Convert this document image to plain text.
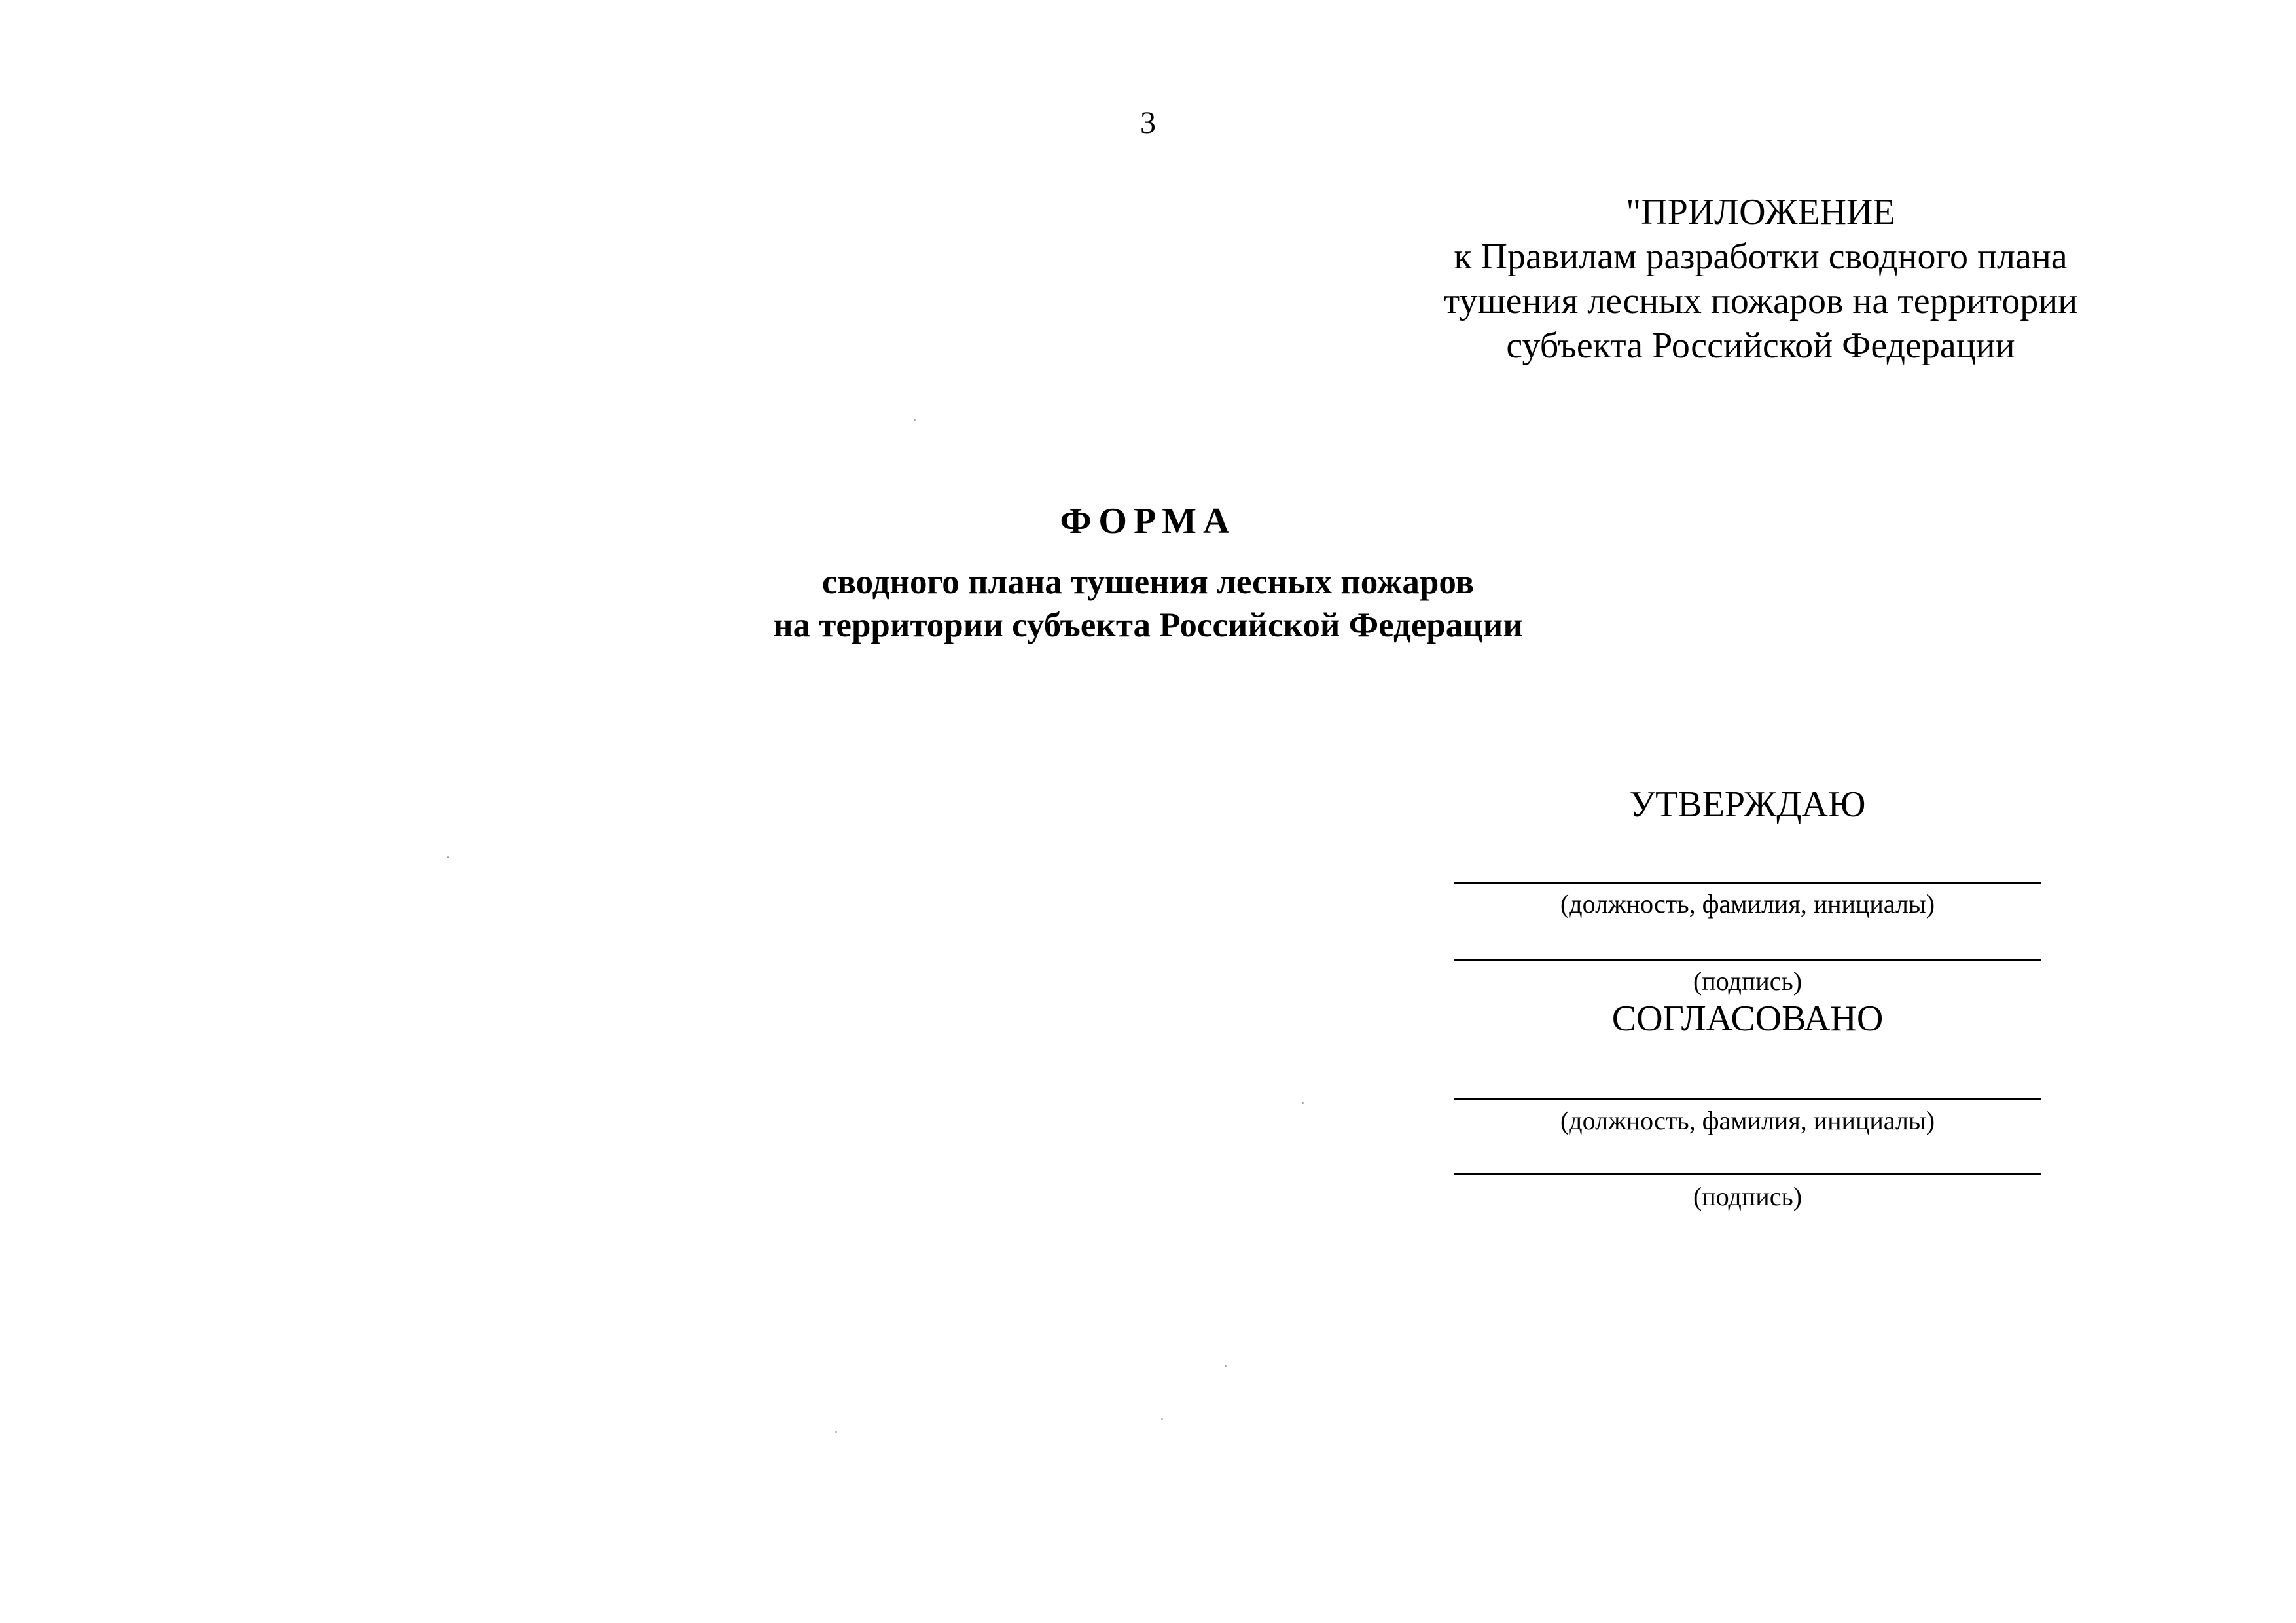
3
"ПРИЛОЖЕНИЕ
к Правилам разработки сводного плана
тушения лесных пожаров на территории
субъекта Российской Федерации
ФОРМА
сводного плана тушения лесных пожаров
на территории субъекта Российской Федерации
УТВЕРЖДАЮ
(должность, фамилия, инициалы)
(подпись)
СОГЛАСОВАНО
(должность, фамилия, инициалы)
(подпись)
